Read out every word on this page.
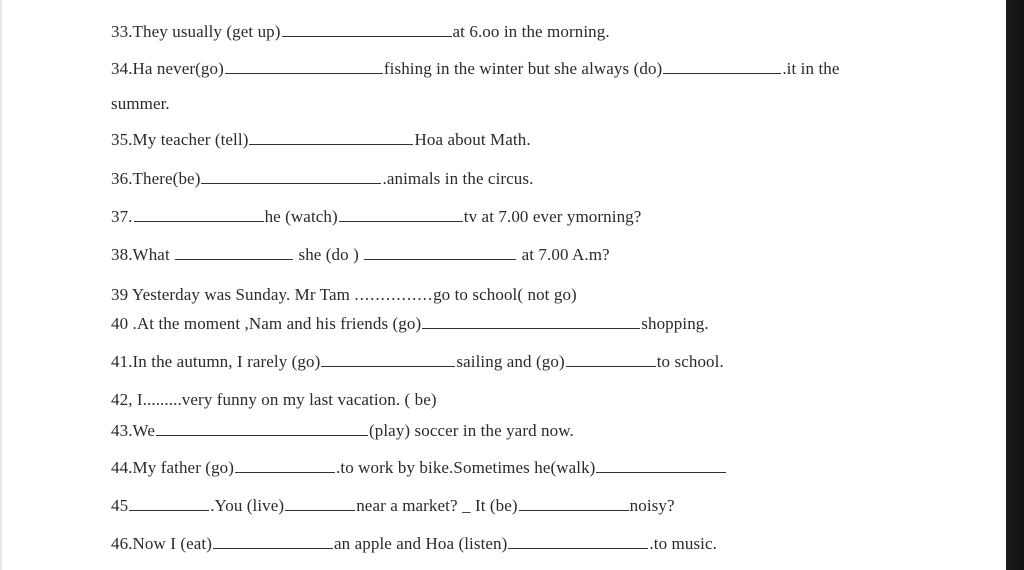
33.They usually (get up)	at 6.oo in the morning.
34.Ha never(go)	fishing in the winter but she always (do)	.it in the
summer.
35.My teacher (tell)	Hoa about Math.
36.There(be)	.animals in the circus.
37.	he (watch)	tv at 7.00 ever ymorning?
38.What	she (do )	at 7.00 A.m?
39 Yesterday was Sunday. Mr Tam ...............go to school( not go)
40 .At the moment ,Nam and his friends (go)	shopping.
41.In the autumn, I rarely (go)	sailing and (go)	to school.
42, I.........very funny on my last vacation. ( be)
43.We	(play) soccer in the yard now.
44.My father (go)	.to work by bike.Sometimes he(walk)
45	.You (live)	near a market? _ It (be)	noisy?
46.Now I (eat)	an apple and Hoa (listen)	.to music.
